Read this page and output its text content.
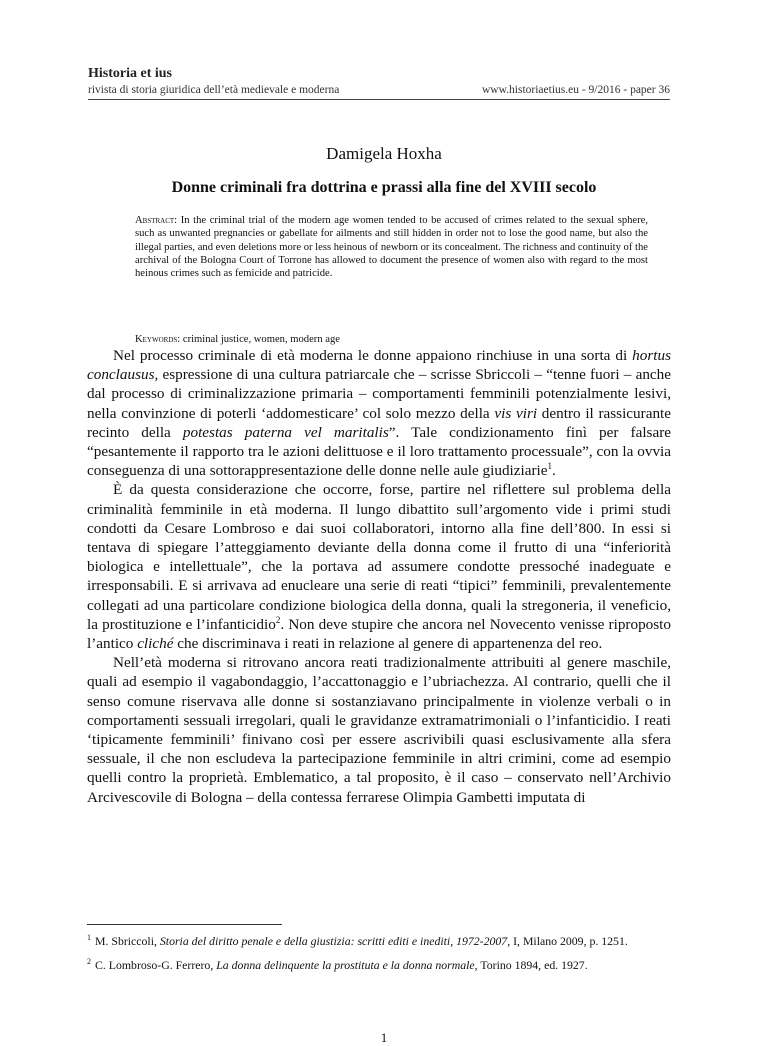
Historia et ius
rivista di storia giuridica dell’età medievale e moderna	www.historiaetius.eu - 9/2016 - paper 36
Damigela Hoxha
Donne criminali fra dottrina e prassi alla fine del XVIII secolo
Abstract: In the criminal trial of the modern age women tended to be accused of crimes related to the sexual sphere, such as unwanted pregnancies or gabellate for ailments and still hidden in order not to lose the good name, but also the illegal parties, and even deletions more or less heinous of newborn or its concealment. The richness and continuity of the archival of the Bologna Court of Torrone has allowed to document the presence of women also with regard to the most heinous crimes such as femicide and patricide.
Keywords: criminal justice, women, modern age

Nel processo criminale di età moderna le donne appaiono rinchiuse in una sorta di hortus conclausus, espressione di una cultura patriarcale che – scrisse Sbriccoli – “tenne fuori – anche dal processo di criminalizzazione primaria – comportamenti femminili potenzialmente lesivi, nella convinzione di poterli ‘addomesticare’ col solo mezzo della vis viri dentro il rassicurante recinto della potestas paterna vel maritalis”. Tale condizionamento finì per falsare “pesantemente il rapporto tra le azioni delittuose e il loro trattamento processuale”, con la ovvia conseguenza di una sottorappresentazione delle donne nelle aule giudiziarie$^1$.

È da questa considerazione che occorre, forse, partire nel riflettere sul problema della criminalità femminile in età moderna. Il lungo dibattito sull’argomento vide i primi studi condotti da Cesare Lombroso e dai suoi collaboratori, intorno alla fine dell’800. In essi si tentava di spiegare l’atteggiamento deviante della donna come il frutto di una “inferiorità biologica e intellettuale”, che la portava ad assumere condotte pressoché inadeguate e irresponsabili. E si arrivava ad enucleare una serie di reati “tipici” femminili, prevalentemente collegati ad una particolare condizione biologica della donna, quali la stregoneria, il veneficio, la prostituzione e l’infanticidio$^2$. Non deve stupire che ancora nel Novecento venisse riproposto l’antico cliché che discriminava i reati in relazione al genere di appartenenza del reo.

Nell’età moderna si ritrovano ancora reati tradizionalmente attribuiti al genere maschile, quali ad esempio il vagabondaggio, l’accattonaggio e l’ubriachezza. Al contrario, quelli che il senso comune riservava alle donne si sostanziavano principalmente in violenze verbali o in comportamenti sessuali irregolari, quali le gravidanze extramatrimoniali o l’infanticidio. I reati ‘tipicamente femminili’ finivano così per essere ascrivibili quasi esclusivamente alla sfera sessuale, il che non escludeva la partecipazione femminile in altri crimini, come ad esempio quelli contro la proprietà. Emblematico, a tal proposito, è il caso – conservato nell’Archivio Arcivescovile di Bologna – della contessa ferrarese Olimpia Gambetti imputata di

$^1$ M. Sbriccoli, Storia del diritto penale e della giustizia: scritti editi e inediti, 1972-2007, I, Milano 2009, p. 1251.

$^2$ C. Lombroso-G. Ferrero, La donna delinquente la prostituta e la donna normale, Torino 1894, ed. 1927.

1
